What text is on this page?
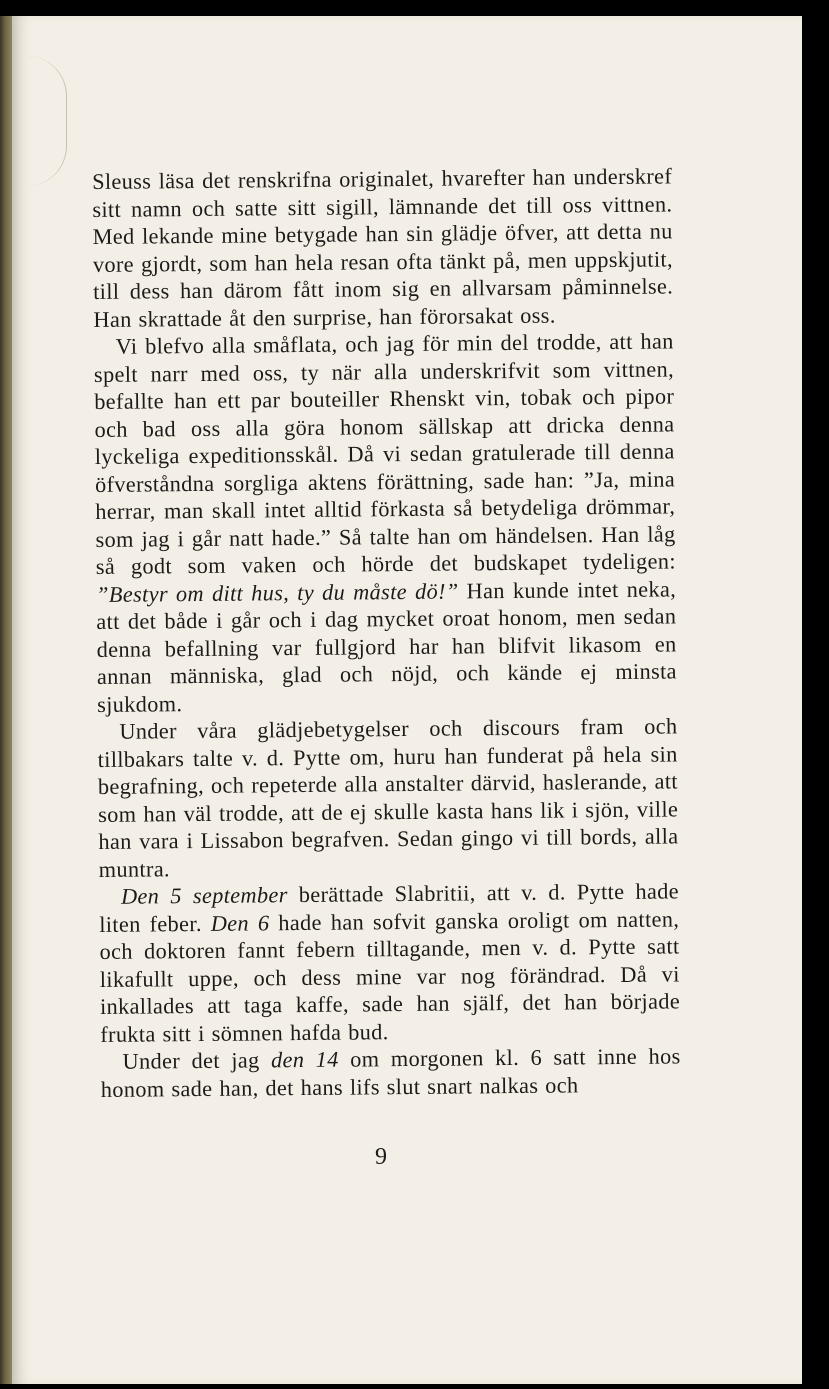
Sleuss läsa det renskrifna originalet, hvarefter han underskref sitt namn och satte sitt sigill, lämnande det till oss vittnen. Med lekande mine betygade han sin glädje öfver, att detta nu vore gjordt, som han hela resan ofta tänkt på, men uppskjutit, till dess han därom fått inom sig en allvarsam påminnelse. Han skrattade åt den surprise, han förorsakat oss.

Vi blefvo alla småflata, och jag för min del trodde, att han spelt narr med oss, ty när alla underskrifvit som vittnen, befallte han ett par bouteiller Rhenskt vin, tobak och pipor och bad oss alla göra honom sällskap att dricka denna lyckeliga expeditionsskål. Då vi sedan gratulerade till denna öfverståndna sorgliga aktens förättning, sade han: ”Ja, mina herrar, man skall intet alltid förkasta så betydeliga drömmar, som jag i går natt hade.” Så talte han om händelsen. Han låg så godt som vaken och hörde det budskapet tydeligen: ”Bestyr om ditt hus, ty du måste dö!” Han kunde intet neka, att det både i går och i dag mycket oroat honom, men sedan denna befallning var fullgjord har han blifvit likasom en annan människa, glad och nöjd, och kände ej minsta sjukdom.

Under våra glädjebetygelser och discours fram och tillbakars talte v. d. Pytte om, huru han funderat på hela sin begrafning, och repeterde alla anstalter därvid, haslerande, att som han väl trodde, att de ej skulle kasta hans lik i sjön, ville han vara i Lissabon begrafven. Sedan gingo vi till bords, alla muntra.

Den 5 september berättade Slabritii, att v. d. Pytte hade liten feber. Den 6 hade han sofvit ganska oroligt om natten, och doktoren fannt febern tilltagande, men v. d. Pytte satt likafullt uppe, och dess mine var nog förändrad. Då vi inkallades att taga kaffe, sade han själf, det han började frukta sitt i sömnen hafda bud.

Under det jag den 14 om morgonen kl. 6 satt inne hos honom sade han, det hans lifs slut snart nalkas och

9
